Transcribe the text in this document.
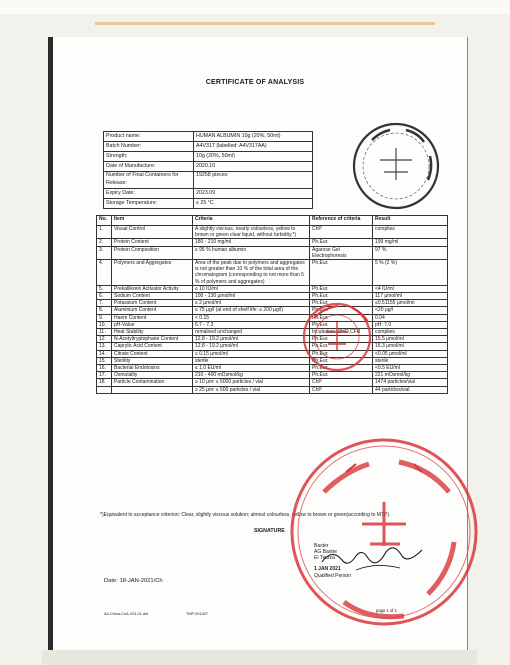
CERTIFICATE OF ANALYSIS
Product name:	HUMAN ALBUMIN 10g (20%, 50ml)
Batch Number:	A4V317 (labelled: A4V317AA)
Strength:	10g (20%, 50ml)
Date of Manufacture:	2020.10
Number of Final Containers for Release:	19258 pieces
Expiry Date:	2023.09
Storage Temperature:	≤ 25 °C
No.	Item	Criteria	Reference of criteria	Result
1.	Visual Control	A slightly viscous, nearly colourless, yellow to brown or green clear liquid, without turbidity.*)	ChP	complies
2.	Protein Content	180 - 210 mg/ml	Ph.Eur.	199 mg/ml
3.	Protein Composition	≥ 95 % human albumin	Agarose Gel Electrophoresis	97 %
4.	Polymers and Aggregates	Area of the peak due to polymers and aggregates is not greater than 10 % of the total area of the chromatogram (corresponding to not more than 5 % of polymers and aggregates)	Ph.Eur.	5 % (2 %)
5.	Prekallikrein Activator Activity	≤ 10 IU/ml	Ph.Eur.	<4 IU/ml
6.	Sodium Content	100 - 130 µmol/ml	Ph.Eur.	117 µmol/ml
7.	Potassium Content	≤ 2 µmol/ml	Ph.Eur.	≤0.51155 µmol/ml
8.	Aluminium Content	≤ 75 µg/l (at end of shelf life: ≤ 200 µg/l)	Ph.Eur.	<20 µg/l
9.	Haem Content	< 0.15	Ph.Eur.	0.04
10.	pH-Value	6.7 - 7.3	Ph.Eur.	pH: 7.0
11.	Heat Stability	remained unchanged	Incubation WHO,CFR	complies
12.	N-Acetyltryptophane Content	12.8 - 19.2 µmol/ml	Ph.Eur.	15.5 µmol/ml
13.	Caprylic Acid Content	12.8 - 19.2 µmol/ml	Ph.Eur.	16.3 µmol/ml
14.	Citrate Content	≤ 0.15 µmol/ml	Ph.Eur.	<0.05 µmol/ml
15.	Sterility	sterile	Ph.Eur.	sterile
16.	Bacterial Endotoxins	≤ 1.0 EU/ml	Ph.Eur.	<0.5 EU/ml
17.	Osmolality	210 - 400 mOsmol/kg	Ph.Eur.	221 mOsmol/kg
18.	Particle Contamination	≥ 10 µm: ≤ 6000 particles / vial	ChP	1474 particles/vial
		≥ 25 µm: ≤ 600 particles / vial	ChP	44 particles/vial
*)Equivalent to acceptance criterion: Clear, slightly viscous solution; almost colourless, yellow to brown or green(according to MTP).
SIGNATURE
Baxter
AG Baxter
El Trezza
1 JAN 2021
Qualified Person
Date: 18-JAN-2021/Ch
A4-China-CoA-V01.01.dot	TMP-001407
page 1 of 1
